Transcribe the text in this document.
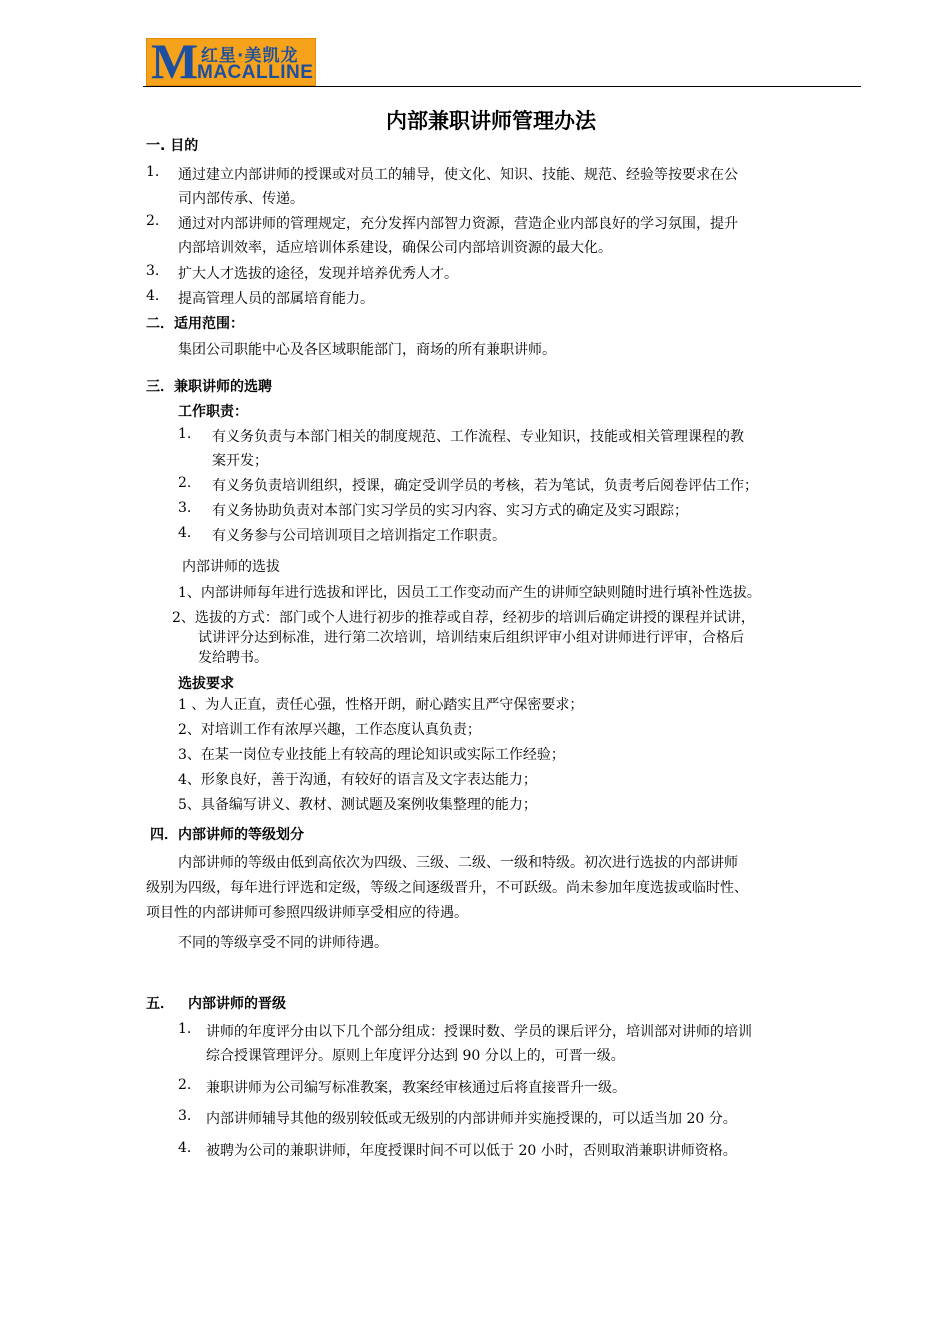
M 红星·美凯龙
MACALLINE
内部兼职讲师管理办法
一. 目的
1. 通过建立内部讲师的授课或对员工的辅导，使文化、知识、技能、规范、经验等按要求在公
司内部传承、传递。
2. 通过对内部讲师的管理规定，充分发挥内部智力资源，营造企业内部良好的学习氛围，提升
内部培训效率，适应培训体系建设，确保公司内部培训资源的最大化。
3. 扩大人才选拔的途径，发现并培养优秀人才。
4. 提高管理人员的部属培育能力。
二．适用范围：
集团公司职能中心及各区域职能部门，商场的所有兼职讲师。
三．兼职讲师的选聘
工作职责：
1. 有义务负责与本部门相关的制度规范、工作流程、专业知识，技能或相关管理课程的教
案开发；
2. 有义务负责培训组织，授课，确定受训学员的考核，若为笔试，负责考后阅卷评估工作；
3. 有义务协助负责对本部门实习学员的实习内容、实习方式的确定及实习跟踪；
4. 有义务参与公司培训项目之培训指定工作职责。
内部讲师的选拔
1、内部讲师每年进行选拔和评比，因员工工作变动而产生的讲师空缺则随时进行填补性选拔。
2、选拔的方式：部门或个人进行初步的推荐或自荐，经初步的培训后确定讲授的课程并试讲，
试讲评分达到标准，进行第二次培训，培训结束后组织评审小组对讲师进行评审，合格后
发给聘书。
选拔要求
1 、为人正直，责任心强，性格开朗，耐心踏实且严守保密要求；
2、对培训工作有浓厚兴趣，工作态度认真负责；
3、在某一岗位专业技能上有较高的理论知识或实际工作经验；
4、形象良好，善于沟通，有较好的语言及文字表达能力；
5、具备编写讲义、教材、测试题及案例收集整理的能力；
四．内部讲师的等级划分
内部讲师的等级由低到高依次为四级、三级、二级、一级和特级。初次进行选拔的内部讲师
级别为四级，每年进行评选和定级，等级之间逐级晋升，不可跃级。尚未参加年度选拔或临时性、
项目性的内部讲师可参照四级讲师享受相应的待遇。
不同的等级享受不同的讲师待遇。
五． 内部讲师的晋级
1. 讲师的年度评分由以下几个部分组成：授课时数、学员的课后评分，培训部对讲师的培训
综合授课管理评分。原则上年度评分达到 90 分以上的，可晋一级。
2. 兼职讲师为公司编写标准教案，教案经审核通过后将直接晋升一级。
3. 内部讲师辅导其他的级别较低或无级别的内部讲师并实施授课的，可以适当加 20 分。
4. 被聘为公司的兼职讲师，年度授课时间不可以低于 20 小时，否则取消兼职讲师资格。
